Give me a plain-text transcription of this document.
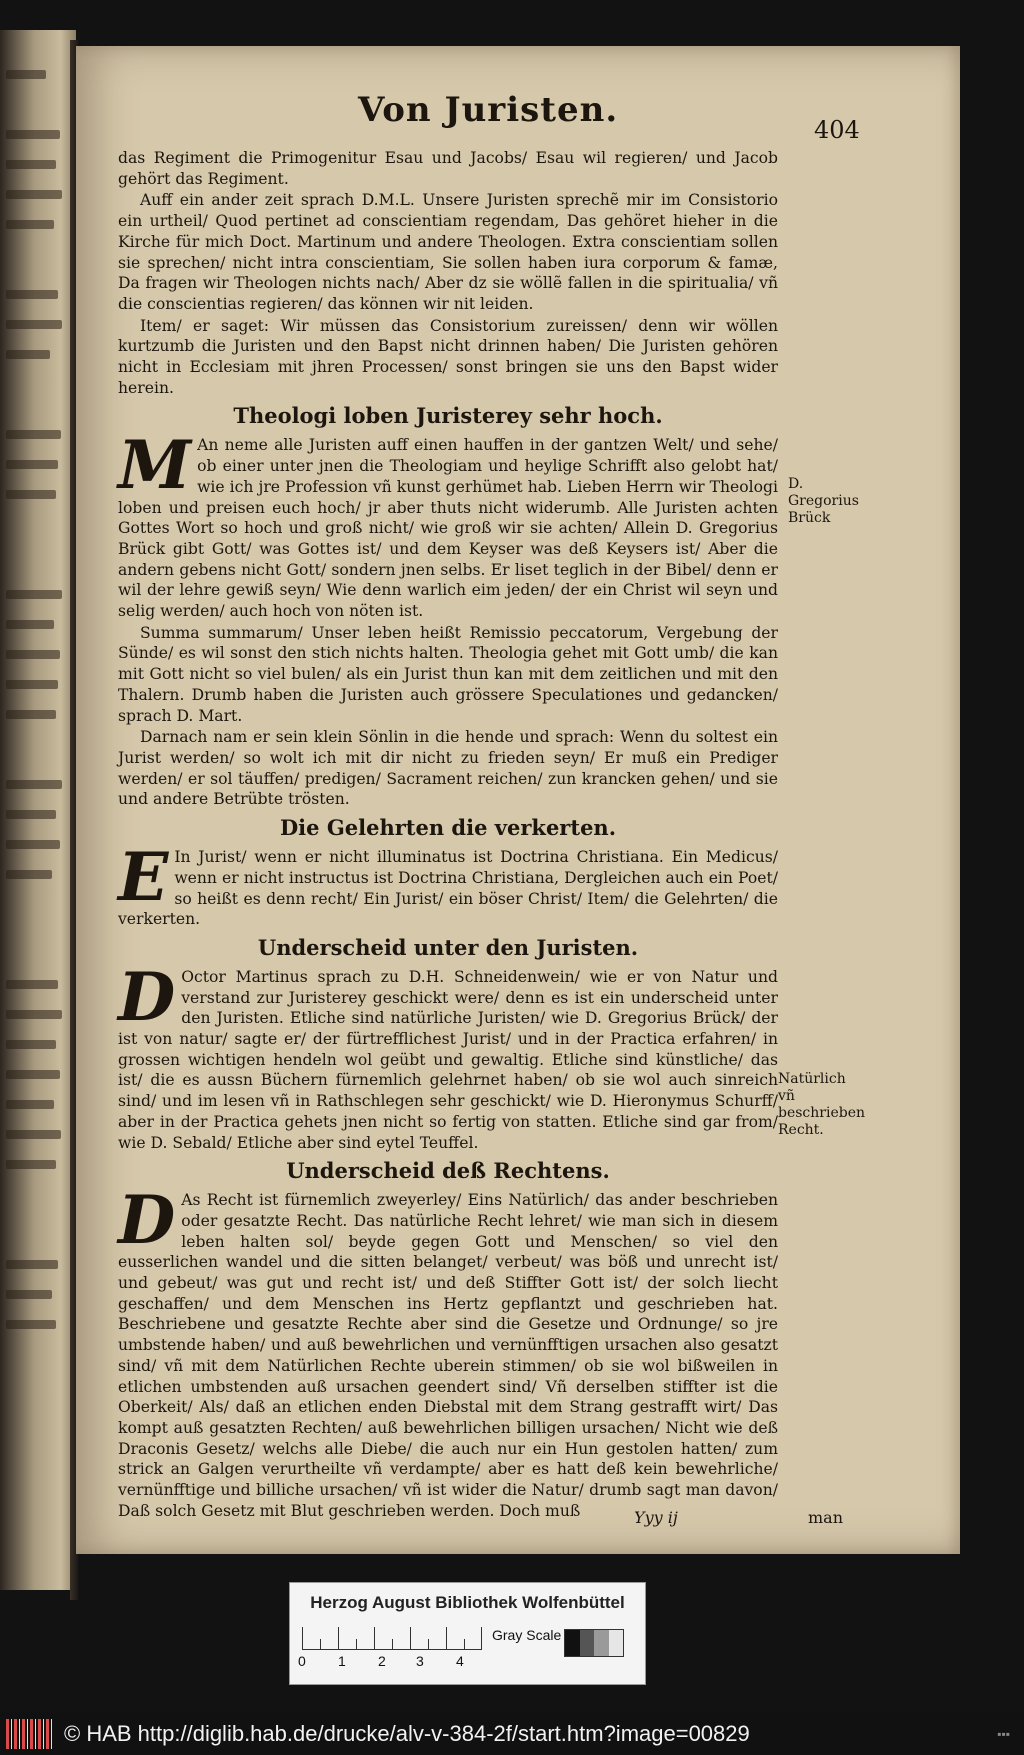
Von Juristen.	404

das Regiment die Primogenitur Esau und Jacobs/ Esau wil regieren/ und Jacob gehört das Regiment.

Auff ein ander zeit sprach D.M.L. Unsere Juristen sprechẽ mir im Consistorio ein urtheil/ Quod pertinet ad conscientiam regendam, Das gehöret hieher in die Kirche für mich Doct. Martinum und andere Theologen. Extra conscientiam sollen sie sprechen/ nicht intra conscientiam, Sie sollen haben iura corporum & famæ, Da fragen wir Theologen nichts nach/ Aber dz sie wöllẽ fallen in die spiritualia/ vñ die conscientias regieren/ das können wir nit leiden.

Item/ er saget: Wir müssen das Consistorium zureissen/ denn wir wöllen kurtzumb die Juristen und den Bapst nicht drinnen haben/ Die Juristen gehören nicht in Ecclesiam mit jhren Processen/ sonst bringen sie uns den Bapst wider herein.

Theologi loben Juristerey sehr hoch.

M An neme alle Juristen auff einen hauffen in der gantzen Welt/ und sehe/ ob einer unter jnen die Theologiam und heylige Schrifft also gelobt hat/ wie ich jre Profession vñ kunst gerhümet hab. Lieben Herrn wir Theologi loben und preisen euch hoch/ jr aber thuts nicht widerumb. Alle Juristen achten Gottes Wort so hoch und groß nicht/ wie groß wir sie achten/ Allein D. Gregorius Brück gibt Gott/ was Gottes ist/ und dem Keyser was deß Keysers ist/ Aber die andern gebens nicht Gott/ sondern jnen selbs. Er liset teglich in der Bibel/ denn er wil der lehre gewiß seyn/ Wie denn warlich eim jeden/ der ein Christ wil seyn und selig werden/ auch hoch von nöten ist.

Summa summarum/ Unser leben heißt Remissio peccatorum, Vergebung der Sünde/ es wil sonst den stich nichts halten. Theologia gehet mit Gott umb/ die kan mit Gott nicht so viel bulen/ als ein Jurist thun kan mit dem zeitlichen und mit den Thalern. Drumb haben die Juristen auch grössere Speculationes und gedancken/ sprach D. Mart.

Darnach nam er sein klein Sönlin in die hende und sprach: Wenn du soltest ein Jurist werden/ so wolt ich mit dir nicht zu frieden seyn/ Er muß ein Prediger werden/ er sol täuffen/ predigen/ Sacrament reichen/ zun krancken gehen/ und sie und andere Betrübte trösten.

Die Gelehrten die verkerten.

E In Jurist/ wenn er nicht illuminatus ist Doctrina Christiana. Ein Medicus/ wenn er nicht instructus ist Doctrina Christiana, Dergleichen auch ein Poet/ so heißt es denn recht/ Ein Jurist/ ein böser Christ/ Item/ die Gelehrten/ die verkerten.

Underscheid unter den Juristen.

D Octor Martinus sprach zu D.H. Schneidenwein/ wie er von Natur und verstand zur Juristerey geschickt were/ denn es ist ein underscheid unter den Juristen. Etliche sind natürliche Juristen/ wie D. Gregorius Brück/ der ist von natur/ sagte er/ der fürtrefflichest Jurist/ und in der Practica erfahren/ in grossen wichtigen hendeln wol geübt und gewaltig. Etliche sind künstliche/ das ist/ die es aussn Büchern fürnemlich gelehrnet haben/ ob sie wol auch sinreich sind/ und im lesen vñ in Rathschlegen sehr geschickt/ wie D. Hieronymus Schurff/ aber in der Practica gehets jnen nicht so fertig von statten. Etliche sind gar from/ wie D. Sebald/ Etliche aber sind eytel Teuffel.

Underscheid deß Rechtens.

D As Recht ist fürnemlich zweyerley/ Eins Natürlich/ das ander beschrieben oder gesatzte Recht. Das natürliche Recht lehret/ wie man sich in diesem leben halten sol/ beyde gegen Gott und Menschen/ so viel den eusserlichen wandel und die sitten belanget/ verbeut/ was böß und unrecht ist/ und gebeut/ was gut und recht ist/ und deß Stiffter Gott ist/ der solch liecht geschaffen/ und dem Menschen ins Hertz gepflantzt und geschrieben hat. Beschriebene und gesatzte Rechte aber sind die Gesetze und Ordnunge/ so jre umbstende haben/ und auß bewehrlichen und vernünfftigen ursachen also gesatzt sind/ vñ mit dem Natürlichen Rechte uberein stimmen/ ob sie wol bißweilen in etlichen umbstenden auß ursachen geendert sind/ Vñ derselben stiffter ist die Oberkeit/ Als/ daß an etlichen enden Diebstal mit dem Strang gestrafft wirt/ Das kompt auß gesatzten Rechten/ auß bewehrlichen billigen ursachen/ Nicht wie deß Draconis Gesetz/ welchs alle Diebe/ die auch nur ein Hun gestolen hatten/ zum strick an Galgen verurtheilte vñ verdampte/ aber es hatt deß kein bewehrliche/ vernünfftige und billiche ursachen/ vñ ist wider die Natur/ drumb sagt man davon/ Daß solch Gesetz mit Blut geschrieben werden. Doch muß

D. Gregorius Brück
Natürlich vñ beschrieben Recht.
Yyy ij	man
Herzog August Bibliothek Wolfenbüttel
0 1 2 3 4
Gray Scale
© HAB http://diglib.hab.de/drucke/alv-v-384-2f/start.htm?image=00829	▪▪▪
